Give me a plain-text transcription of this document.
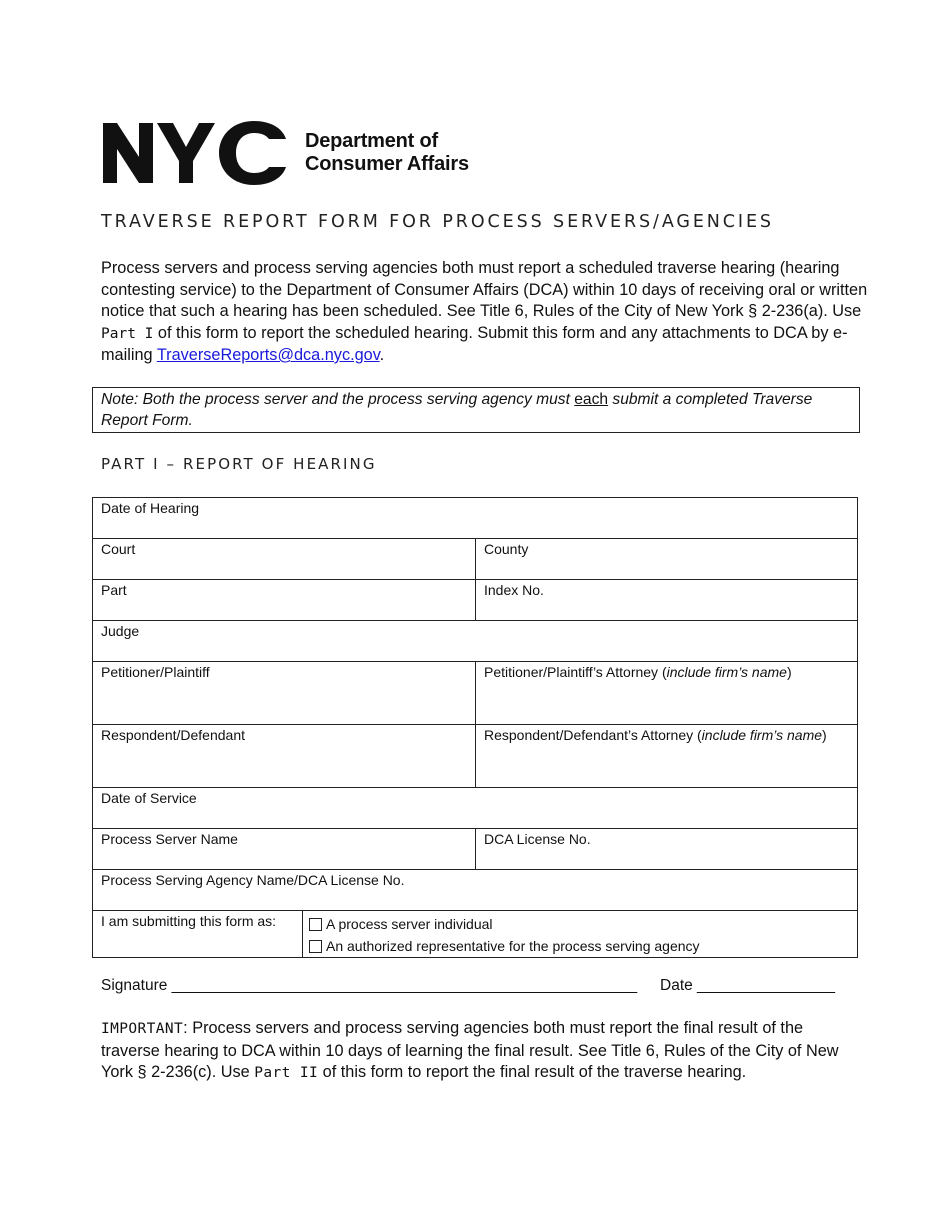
Department of
Consumer Affairs
TRAVERSE REPORT FORM FOR PROCESS SERVERS/AGENCIES
Process servers and process serving agencies both must report a scheduled traverse hearing (hearing contesting service) to the Department of Consumer Affairs (DCA) within 10 days of receiving oral or written notice that such a hearing has been scheduled. See Title 6, Rules of the City of New York § 2-236(a). Use Part I of this form to report the scheduled hearing. Submit this form and any attachments to DCA by e-mailing TraverseReports@dca.nyc.gov.
Note: Both the process server and the process serving agency must each submit a completed Traverse Report Form.
PART I – REPORT OF HEARING
Date of Hearing
Court	County
Part	Index No.
Judge
Petitioner/Plaintiff	Petitioner/Plaintiff’s Attorney (include firm’s name)
Respondent/Defendant	Respondent/Defendant’s Attorney (include firm’s name)
Date of Service
Process Server Name	DCA License No.
Process Serving Agency Name/DCA License No.
I am submitting this form as:	A process server individual
An authorized representative for the process serving agency
Signature ______________________________________________________ Date ________________
IMPORTANT: Process servers and process serving agencies both must report the final result of the traverse hearing to DCA within 10 days of learning the final result. See Title 6, Rules of the City of New York § 2-236(c). Use Part II of this form to report the final result of the traverse hearing.
